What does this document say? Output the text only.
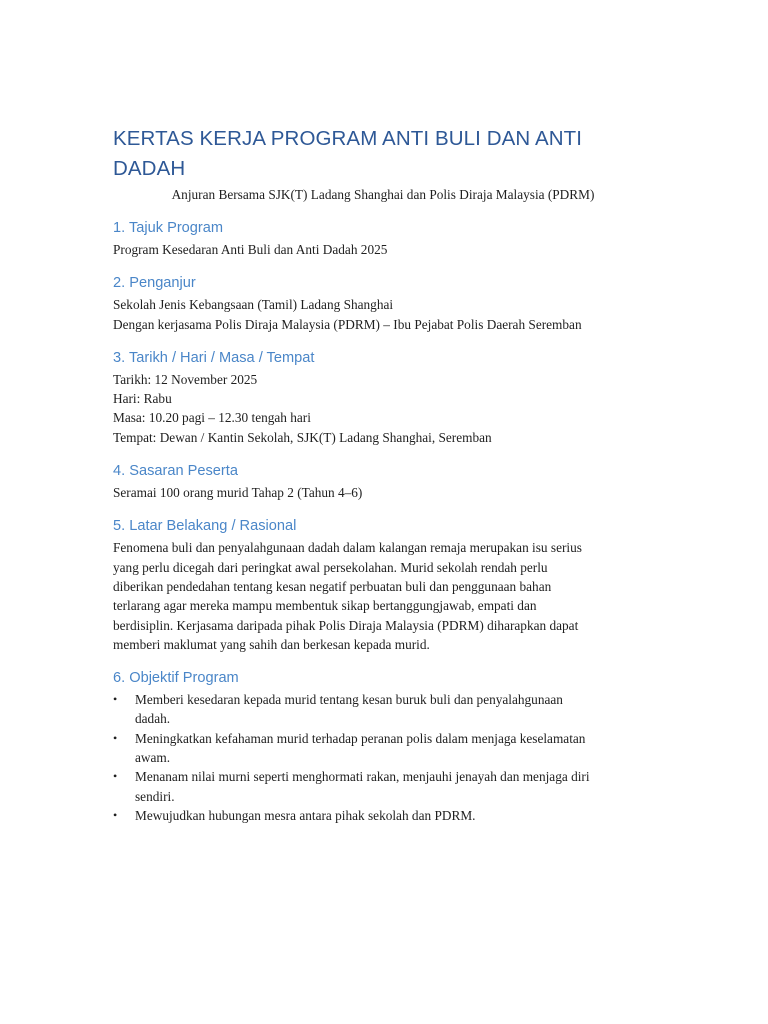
KERTAS KERJA PROGRAM ANTI BULI DAN ANTI DADAH

Anjuran Bersama SJK(T) Ladang Shanghai dan Polis Diraja Malaysia (PDRM)

1. Tajuk Program

Program Kesedaran Anti Buli dan Anti Dadah 2025

2. Penganjur

Sekolah Jenis Kebangsaan (Tamil) Ladang Shanghai

Dengan kerjasama Polis Diraja Malaysia (PDRM) – Ibu Pejabat Polis Daerah Seremban

3. Tarikh / Hari / Masa / Tempat

Tarikh: 12 November 2025

Hari: Rabu

Masa: 10.20 pagi – 12.30 tengah hari

Tempat: Dewan / Kantin Sekolah, SJK(T) Ladang Shanghai, Seremban

4. Sasaran Peserta

Seramai 100 orang murid Tahap 2 (Tahun 4–6)

5. Latar Belakang / Rasional

Fenomena buli dan penyalahgunaan dadah dalam kalangan remaja merupakan isu serius

yang perlu dicegah dari peringkat awal persekolahan. Murid sekolah rendah perlu

diberikan pendedahan tentang kesan negatif perbuatan buli dan penggunaan bahan

terlarang agar mereka mampu membentuk sikap bertanggungjawab, empati dan

berdisiplin. Kerjasama daripada pihak Polis Diraja Malaysia (PDRM) diharapkan dapat

memberi maklumat yang sahih dan berkesan kepada murid.

6. Objektif Program
•	Memberi kesedaran kepada murid tentang kesan buruk buli dan penyalahgunaan
dadah.
•	Meningkatkan kefahaman murid terhadap peranan polis dalam menjaga keselamatan
awam.
•	Menanam nilai murni seperti menghormati rakan, menjauhi jenayah dan menjaga diri
sendiri.
•	Mewujudkan hubungan mesra antara pihak sekolah dan PDRM.
